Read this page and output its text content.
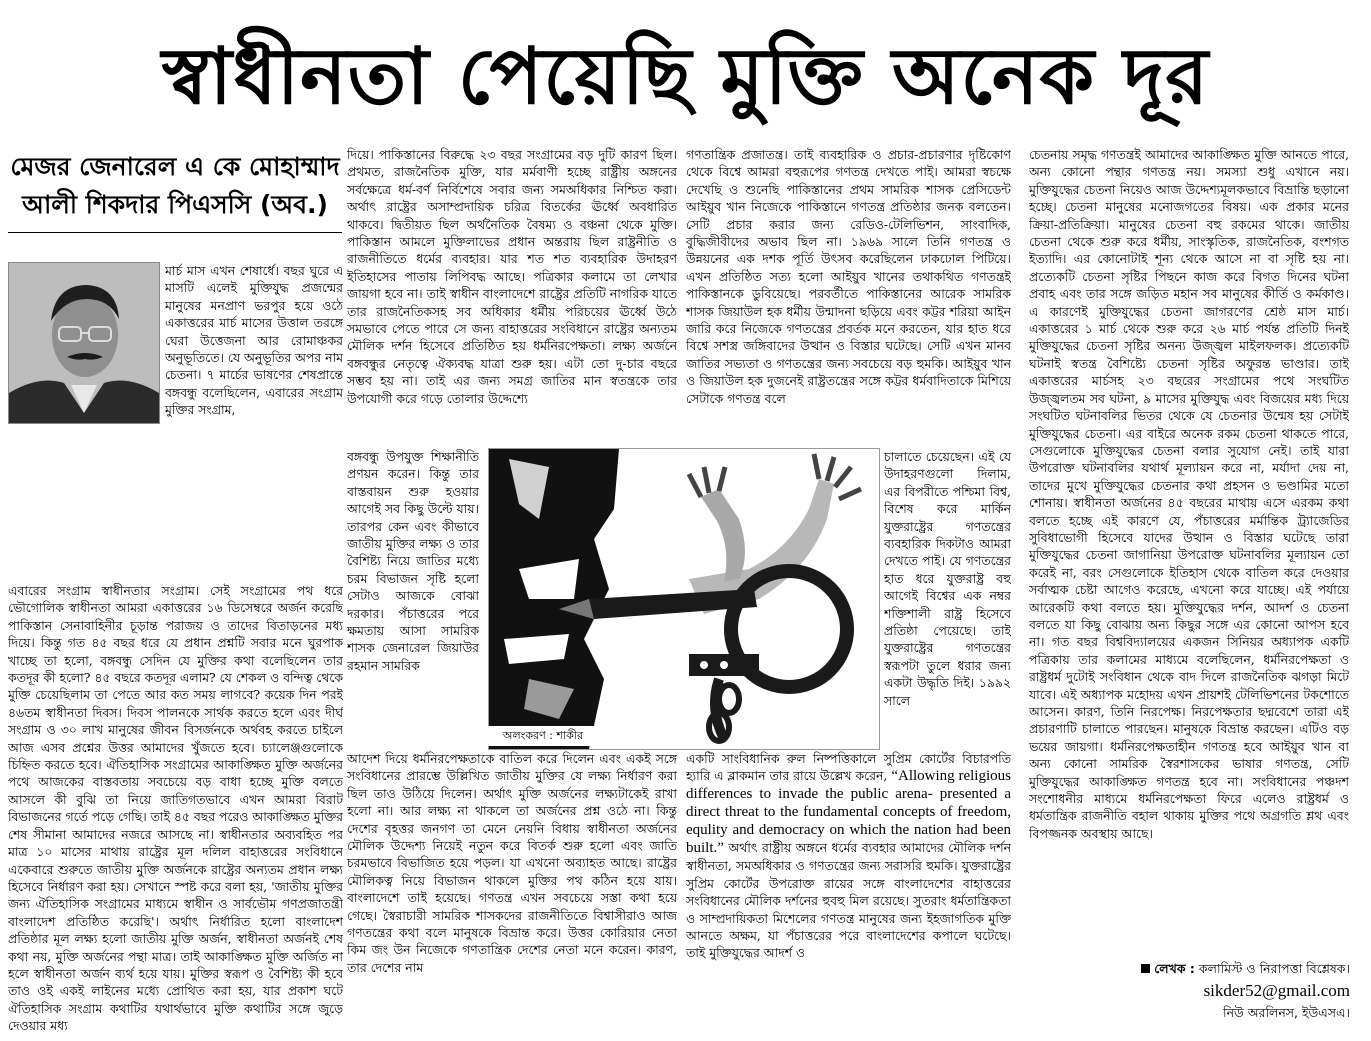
স্বাধীনতা পেয়েছি মুক্তি অনেক দূর
মেজর জেনারেল এ কে মোহাম্মাদ
আলী শিকদার পিএসসি (অব.)

মার্চ মাস এখন শেষার্ধে। বছর ঘুরে এ মাসটি এলেই মুক্তিযুদ্ধ প্রজন্মের মানুষের মনপ্রাণ ভরপুর হয়ে ওঠে একাত্তরের মার্চ মাসের উত্তাল তরঙ্গে ঘেরা উত্তেজনা আর রোমাঞ্চকর অনুভূতিতে। যে অনুভূতির অপর নাম চেতনা। ৭ মার্চের ভাষণের শেষপ্রান্তে বঙ্গবন্ধু বলেছিলেন, এবারের সংগ্রাম মুক্তির সংগ্রাম,

এবারের সংগ্রাম স্বাধীনতার সংগ্রাম। সেই সংগ্রামের পথ ধরে ভৌগোলিক স্বাধীনতা আমরা একাত্তরের ১৬ ডিসেম্বরে অর্জন করেছি পাকিস্তান সেনাবাহিনীর চূড়ান্ত পরাজয় ও তাদের বিতাড়নের মধ্য দিয়ে। কিন্তু গত ৪৫ বছর ধরে যে প্রধান প্রশ্নটি সবার মনে ঘুরপাক খাচ্ছে তা হলো, বঙ্গবন্ধু সেদিন যে মুক্তির কথা বলেছিলেন তার কতদূর কী হলো? ৪৫ বছরে কতদূর এলাম? যে শেকল ও বন্দিত্ব থেকে মুক্তি চেয়েছিলাম তা পেতে আর কত সময় লাগবে? কয়েক দিন পরই ৪৬তম স্বাধীনতা দিবস। দিবস পালনকে সার্থক করতে হলে এবং দীর্ঘ সংগ্রাম ও ৩০ লাখ মানুষের জীবন বিসর্জনকে অর্থবহ করতে চাইলে আজ এসব প্রশ্নের উত্তর আমাদের খুঁজতে হবে। চ্যালেঞ্জগুলোকে চিহ্নিত করতে হবে। ঐতিহাসিক সংগ্রামের আকাঙ্ক্ষিত মুক্তি অর্জনের পথে আজকের বাস্তবতায় সবচেয়ে বড় বাধা হচ্ছে মুক্তি বলতে আসলে কী বুঝি তা নিয়ে জাতিগতভাবে এখন আমরা বিরাট বিভাজনের গর্তে পড়ে গেছি। তাই ৪৫ বছর পরেও আকাঙ্ক্ষিত মুক্তির শেষ সীমানা আমাদের নজরে আসছে না। স্বাধীনতার অব্যবহিত পর মাত্র ১০ মাসের মাথায় রাষ্ট্রের মূল দলিল বাহাত্তরের সংবিধানে একেবারে শুরুতে জাতীয় মুক্তি অর্জনকে রাষ্ট্রের অন্যতম প্রধান লক্ষ্য হিসেবে নির্ধারণ করা হয়। সেখানে স্পষ্ট করে বলা হয়, 'জাতীয় মুক্তির জন্য ঐতিহাসিক সংগ্রামের মাধ্যমে স্বাধীন ও সার্বভৌম গণপ্রজাতন্ত্রী বাংলাদেশ প্রতিষ্ঠিত করেছি'। অর্থাৎ নির্ধারিত হলো বাংলাদেশ প্রতিষ্ঠার মূল লক্ষ্য হলো জাতীয় মুক্তি অর্জন, স্বাধীনতা অর্জনই শেষ কথা নয়, মুক্তি অর্জনের পন্থা মাত্র। তাই আকাঙ্ক্ষিত মুক্তি অর্জিত না হলে স্বাধীনতা অর্জন ব্যর্থ হয়ে যায়। মুক্তির স্বরূপ ও বৈশিষ্ট্য কী হবে তাও ওই একই লাইনের মধ্যে প্রোথিত করা হয়, যার প্রকাশ ঘটে ঐতিহাসিক সংগ্রাম কথাটির যথার্থভাবে মুক্তি কথাটির সঙ্গে জুড়ে দেওয়ার মধ্য

দিয়ে। পাকিস্তানের বিরুদ্ধে ২৩ বছর সংগ্রামের বড় দুটি কারণ ছিল। প্রথমত, রাজনৈতিক মুক্তি, যার মর্মবাণী হচ্ছে রাষ্ট্রীয় অঙ্গনের সর্বক্ষেত্রে ধর্ম-বর্ণ নির্বিশেষে সবার জন্য সমঅধিকার নিশ্চিত করা। অর্থাৎ রাষ্ট্রের অসাম্প্রদায়িক চরিত্র বিতর্কের ঊর্ধ্বে অবধারিত থাকবে। দ্বিতীয়ত ছিল অর্থনৈতিক বৈষম্য ও বঞ্চনা থেকে মুক্তি। পাকিস্তান আমলে মুক্তিলাভের প্রধান অন্তরায় ছিল রাষ্ট্রনীতি ও রাজনীতিতে ধর্মের ব্যবহার। যার শত শত ব্যবহারিক উদাহরণ ইতিহাসের পাতায় লিপিবদ্ধ আছে। পত্রিকার কলামে তা লেখার জায়গা হবে না। তাই স্বাধীন বাংলাদেশে রাষ্ট্রের প্রতিটি নাগরিক যাতে তার রাজনৈতিকসহ সব অধিকার ধর্মীয় পরিচয়ের ঊর্ধ্বে উঠে সমভাবে পেতে পারে সে জন্য বাহাত্তরের সংবিধানে রাষ্ট্রের অন্যতম মৌলিক দর্শন হিসেবে প্রতিষ্ঠিত হয় ধর্মনিরপেক্ষতা। লক্ষ্য অর্জনে বঙ্গবন্ধুর নেতৃত্বে ঐক্যবদ্ধ যাত্রা শুরু হয়। এটা তো দু-চার বছরে সম্ভব হয় না। তাই এর জন্য সমগ্র জাতির মান স্বতন্ত্রকে তার উপযোগী করে গড়ে তোলার উদ্দেশ্যে

বঙ্গবন্ধু উপযুক্ত শিক্ষানীতি প্রণয়ন করেন। কিন্তু তার বাস্তবায়ন শুরু হওয়ার আগেই সব কিছু উল্টে যায়। তারপর কেন এবং কীভাবে জাতীয় মুক্তির লক্ষ্য ও তার বৈশিষ্ট্য নিয়ে জাতির মধ্যে চরম বিভাজন সৃষ্টি হলো সেটাও আজকে বোঝা দরকার। পঁচাত্তরের পরে ক্ষমতায় আসা সামরিক শাসক জেনারেল জিয়াউর রহমান সামরিক

আদেশ দিয়ে ধর্মনিরপেক্ষতাকে বাতিল করে দিলেন এবং একই সঙ্গে সংবিধানের প্রারম্ভে উল্লিখিত জাতীয় মুক্তির যে লক্ষ্য নির্ধারণ করা ছিল তাও উঠিয়ে দিলেন। অর্থাৎ মুক্তি অর্জনের লক্ষ্যটাকেই রাখা হলো না। আর লক্ষ্য না থাকলে তা অর্জনের প্রশ্ন ওঠে না। কিন্তু দেশের বৃহত্তর জনগণ তা মেনে নেয়নি বিধায় স্বাধীনতা অর্জনের মৌলিক উদ্দেশ্য নিয়েই নতুন করে বিতর্ক শুরু হলো এবং জাতি চরমভাবে বিভাজিত হয়ে পড়ল। যা এখনো অব্যাহত আছে। রাষ্ট্রের মৌলিকত্ব নিয়ে বিভাজন থাকলে মুক্তির পথ কঠিন হয়ে যায়। বাংলাদেশে তাই হয়েছে। গণতন্ত্র এখন সবচেয়ে সস্তা কথা হয়ে গেছে। স্বৈরাচারী সামরিক শাসকদের রাজনীতিতে বিশ্বাসীরাও আজ গণতন্ত্রের কথা বলে মানুষকে বিভ্রান্ত করে। উত্তর কোরিয়ার নেতা কিম জং উন নিজেকে গণতান্ত্রিক দেশের নেতা মনে করেন। কারণ, তার দেশের নাম

অলংকরণ : শাকীর

গণতান্ত্রিক প্রজাতন্ত্র। তাই ব্যবহারিক ও প্রচার-প্রচারণার দৃষ্টিকোণ থেকে বিশ্বে আমরা বহুরূপের গণতন্ত্র দেখতে পাই। আমরা স্বচক্ষে দেখেছি ও শুনেছি পাকিস্তানের প্রথম সামরিক শাসক প্রেসিডেন্ট আইয়ুব খান নিজেকে পাকিস্তানে গণতন্ত্র প্রতিষ্ঠার জনক বলতেন। সেটি প্রচার করার জন্য রেডিও-টেলিভিশন, সাংবাদিক, বুদ্ধিজীবীদের অভাব ছিল না। ১৯৬৯ সালে তিনি গণতন্ত্র ও উন্নয়নের এক দশক পূর্তি উৎসব করেছিলেন ঢাকঢোল পিটিয়ে। এখন প্রতিষ্ঠিত সত্য হলো আইয়ুব খানের তথাকথিত গণতন্ত্রই পাকিস্তানকে ডুবিয়েছে। পরবর্তীতে পাকিস্তানের আরেক সামরিক শাসক জিয়াউল হক ধর্মীয় উন্মাদনা ছড়িয়ে এবং কট্টর শরিয়া আইন জারি করে নিজেকে গণতন্ত্রের প্রবর্তক মনে করতেন, যার হাত ধরে বিশ্বে সশস্ত্র জঙ্গিবাদের উত্থান ও বিস্তার ঘটেছে। সেটি এখন মানব জাতির সভ্যতা ও গণতন্ত্রের জন্য সবচেয়ে বড় হুমকি। আইয়ুব খান ও জিয়াউল হক দুজনেই রাষ্ট্রতন্ত্রের সঙ্গে কট্টর ধর্মবাদিতাকে মিশিয়ে সেটাকে গণতন্ত্র বলে

চালাতে চেয়েছেন। এই যে উদাহরণগুলো দিলাম, এর বিপরীতে পশ্চিমা বিশ্ব, বিশেষ করে মার্কিন যুক্তরাষ্ট্রের গণতন্ত্রের ব্যবহারিক দিকটাও আমরা দেখতে পাই। যে গণতন্ত্রের হাত ধরে যুক্তরাষ্ট্র বহু আগেই বিশ্বের এক নম্বর শক্তিশালী রাষ্ট্র হিসেবে প্রতিষ্ঠা পেয়েছে। তাই যুক্তরাষ্ট্রের গণতন্ত্রের স্বরূপটা তুলে ধরার জন্য একটা উদ্ধৃতি দিই। ১৯৯২ সালে

একটি সাংবিধানিক রুল নিষ্পত্তিকালে সুপ্রিম কোর্টের বিচারপতি হ্যারি এ ব্লাকমান তার রায়ে উল্লেখ করেন, “Allowing religious differences to invade the public arena- presented a direct threat to the fundamental concepts of freedom, equlity and democracy on which the nation had been built.” অর্থাৎ রাষ্ট্রীয় অঙ্গনে ধর্মের ব্যবহার আমাদের মৌলিক দর্শন স্বাধীনতা, সমঅধিকার ও গণতন্ত্রের জন্য সরাসরি হুমকি। যুক্তরাষ্ট্রের সুপ্রিম কোর্টের উপরোক্ত রায়ের সঙ্গে বাংলাদেশের বাহাত্তরের সংবিধানের মৌলিক দর্শনের হুবহু মিল রয়েছে। সুতরাং ধর্মতান্ত্রিকতা ও সাম্প্রদায়িকতা মিশেলের গণতন্ত্র মানুষের জন্য ইহজাগতিক মুক্তি আনতে অক্ষম, যা পঁচাত্তরের পরে বাংলাদেশের কপালে ঘটেছে। তাই মুক্তিযুদ্ধের আদর্শ ও

চেতনায় সমৃদ্ধ গণতন্ত্রই আমাদের আকাঙ্ক্ষিত মুক্তি আনতে পারে, অন্য কোনো পন্থার গণতন্ত্র নয়। সমস্যা শুধু এখানে নয়। মুক্তিযুদ্ধের চেতনা নিয়েও আজ উদ্দেশ্যমূলকভাবে বিভ্রান্তি ছড়ানো হচ্ছে। চেতনা মানুষের মনোজগতের বিষয়। এক প্রকার মনের ক্রিয়া-প্রতিক্রিয়া। মানুষের চেতনা বহু রকমের থাকে। জাতীয় চেতনা থেকে শুরু করে ধর্মীয়, সাংস্কৃতিক, রাজনৈতিক, বংশগত ইত্যাদি। এর কোনোটাই শূন্য থেকে আসে না বা সৃষ্টি হয় না। প্রত্যেকটি চেতনা সৃষ্টির পিছনে কাজ করে বিগত দিনের ঘটনা প্রবাহ এবং তার সঙ্গে জড়িত মহান সব মানুষের কীর্তি ও কর্মকাণ্ড। এ কারণেই মুক্তিযুদ্ধের চেতনা জাগরণের শ্রেষ্ঠ মাস মার্চ। একাত্তরের ১ মার্চ থেকে শুরু করে ২৬ মার্চ পর্যন্ত প্রতিটি দিনই মুক্তিযুদ্ধের চেতনা সৃষ্টির অনন্য উজ্জ্বল মাইলফলক। প্রত্যেকটি ঘটনাই স্বতন্ত্র বৈশিষ্ট্যে চেতনা সৃষ্টির অফুরন্ত ভাণ্ডার। তাই একাত্তরের মার্চসহ ২৩ বছরের সংগ্রামের পথে সংঘটিত উজ্জ্বলতম সব ঘটনা, ৯ মাসের মুক্তিযুদ্ধ এবং বিজয়ের মধ্য দিয়ে সংঘটিত ঘটনাবলির ভিতর থেকে যে চেতনার উন্মেষ হয় সেটাই মুক্তিযুদ্ধের চেতনা। এর বাইরে অনেক রকম চেতনা থাকতে পারে, সেগুলোকে মুক্তিযুদ্ধের চেতনা বলার সুযোগ নেই। তাই যারা উপরোক্ত ঘটনাবলির যথার্থ মূল্যায়ন করে না, মর্যাদা দেয় না, তাদের মুখে মুক্তিযুদ্ধের চেতনার কথা প্রহসন ও ভণ্ডামির মতো শোনায়। স্বাধীনতা অর্জনের ৪৫ বছরের মাথায় এসে এরকম কথা বলতে হচ্ছে এই কারণে যে, পঁচাত্তরের মর্মান্তিক ট্র্যাজেডির সুবিধাভোগী হিসেবে যাদের উত্থান ও বিস্তার ঘটেছে তারা মুক্তিযুদ্ধের চেতনা জাগানিয়া উপরোক্ত ঘটনাবলির মূল্যায়ন তো করেই না, বরং সেগুলোকে ইতিহাস থেকে বাতিল করে দেওয়ার সর্বাত্মক চেষ্টা আগেও করেছে, এখনো করে যাচ্ছে। এই পর্যায়ে আরেকটি কথা বলতে হয়। মুক্তিযুদ্ধের দর্শন, আদর্শ ও চেতনা বলতে যা কিছু বোঝায় অন্য কিছুর সঙ্গে এর কোনো আপস হবে না। গত বছর বিশ্ববিদ্যালয়ের একজন সিনিয়র অধ্যাপক একটি পত্রিকায় তার কলামের মাধ্যমে বলেছিলেন, ধর্মনিরপেক্ষতা ও রাষ্ট্রধর্ম দুটোই সংবিধান থেকে বাদ দিলে রাজনৈতিক ঝগড়া মিটে যাবে। এই অধ্যাপক মহোদয় এখন প্রায়শই টেলিভিশনের টকশোতে আসেন। কারণ, তিনি নিরপেক্ষ। নিরপেক্ষতার ছদ্মবেশে তারা এই প্রচারণাটি চালাতে পারছেন। মানুষকে বিভ্রান্ত করছেন। এটিও বড় ভয়ের জায়গা। ধর্মনিরপেক্ষতাহীন গণতন্ত্র হবে আইয়ুব খান বা অন্য কোনো সামরিক স্বৈরশাসকের ভাষার গণতন্ত্র, সেটি মুক্তিযুদ্ধের আকাঙ্ক্ষিত গণতন্ত্র হবে না। সংবিধানের পঞ্চদশ সংশোধনীর মাধ্যমে ধর্মনিরপেক্ষতা ফিরে এলেও রাষ্ট্রধর্ম ও ধর্মতান্ত্রিক রাজনীতি বহাল থাকায় মুক্তির পথে অগ্রগতি শ্লথ এবং বিপজ্জনক অবস্থায় আছে।

লেখক : কলামিস্ট ও নিরাপত্তা বিশ্লেষক।
sikder52@gmail.com
নিউ অরলিনস, ইউএসএ।
